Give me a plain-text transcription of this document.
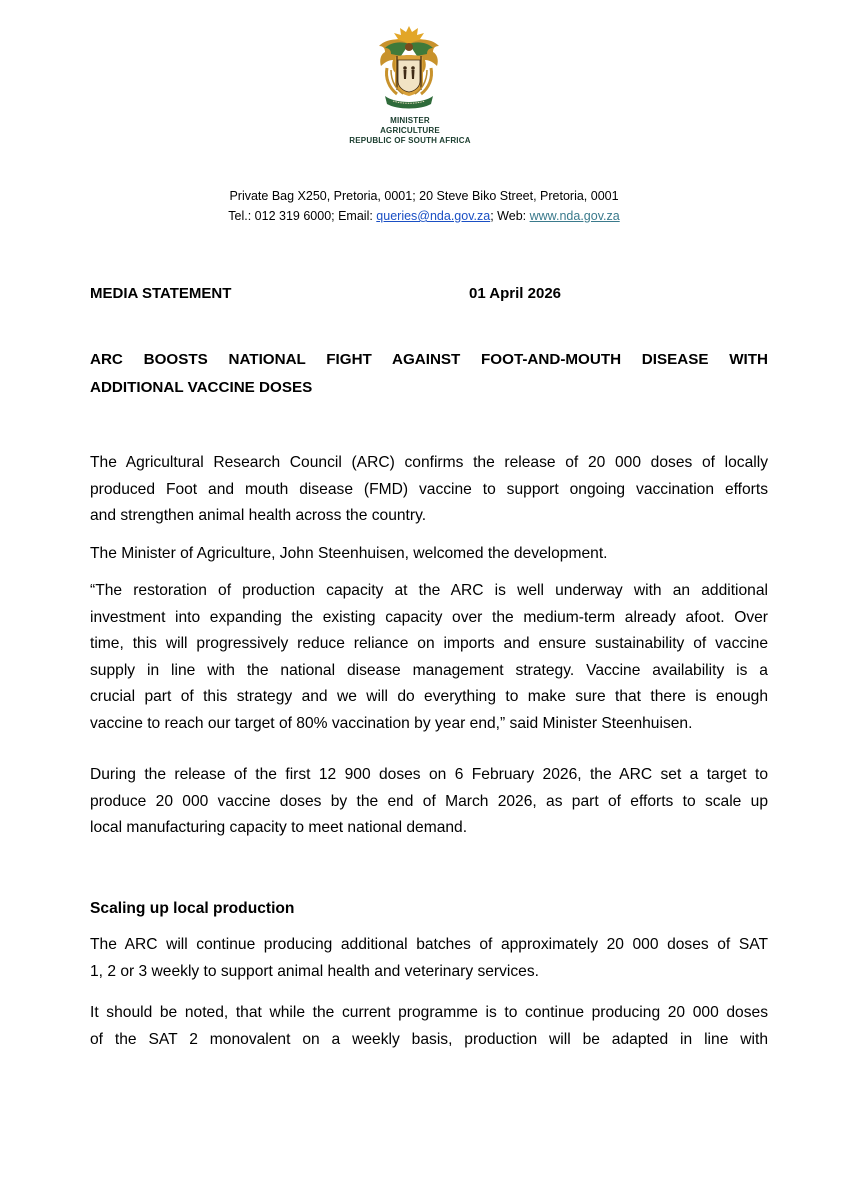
MINISTER
AGRICULTURE
REPUBLIC OF SOUTH AFRICA
Private Bag X250, Pretoria, 0001; 20 Steve Biko Street, Pretoria, 0001
Tel.: 012 319 6000; Email: queries@nda.gov.za; Web: www.nda.gov.za
MEDIA STATEMENT	01 April 2026
ARC BOOSTS NATIONAL FIGHT AGAINST FOOT-AND-MOUTH DISEASE WITH
ADDITIONAL VACCINE DOSES
The Agricultural Research Council (ARC) confirms the release of 20 000 doses of locally
produced Foot and mouth disease (FMD) vaccine to support ongoing vaccination efforts
and strengthen animal health across the country.
The Minister of Agriculture, John Steenhuisen, welcomed the development.
“The restoration of production capacity at the ARC is well underway with an additional
investment into expanding the existing capacity over the medium-term already afoot. Over
time, this will progressively reduce reliance on imports and ensure sustainability of vaccine
supply in line with the national disease management strategy. Vaccine availability is a
crucial part of this strategy and we will do everything to make sure that there is enough
vaccine to reach our target of 80% vaccination by year end,” said Minister Steenhuisen.
During the release of the first 12 900 doses on 6 February 2026, the ARC set a target to
produce 20 000 vaccine doses by the end of March 2026, as part of efforts to scale up
local manufacturing capacity to meet national demand.
Scaling up local production
The ARC will continue producing additional batches of approximately 20 000 doses of SAT
1, 2 or 3 weekly to support animal health and veterinary services.
It should be noted, that while the current programme is to continue producing 20 000 doses
of the SAT 2 monovalent on a weekly basis, production will be adapted in line with
